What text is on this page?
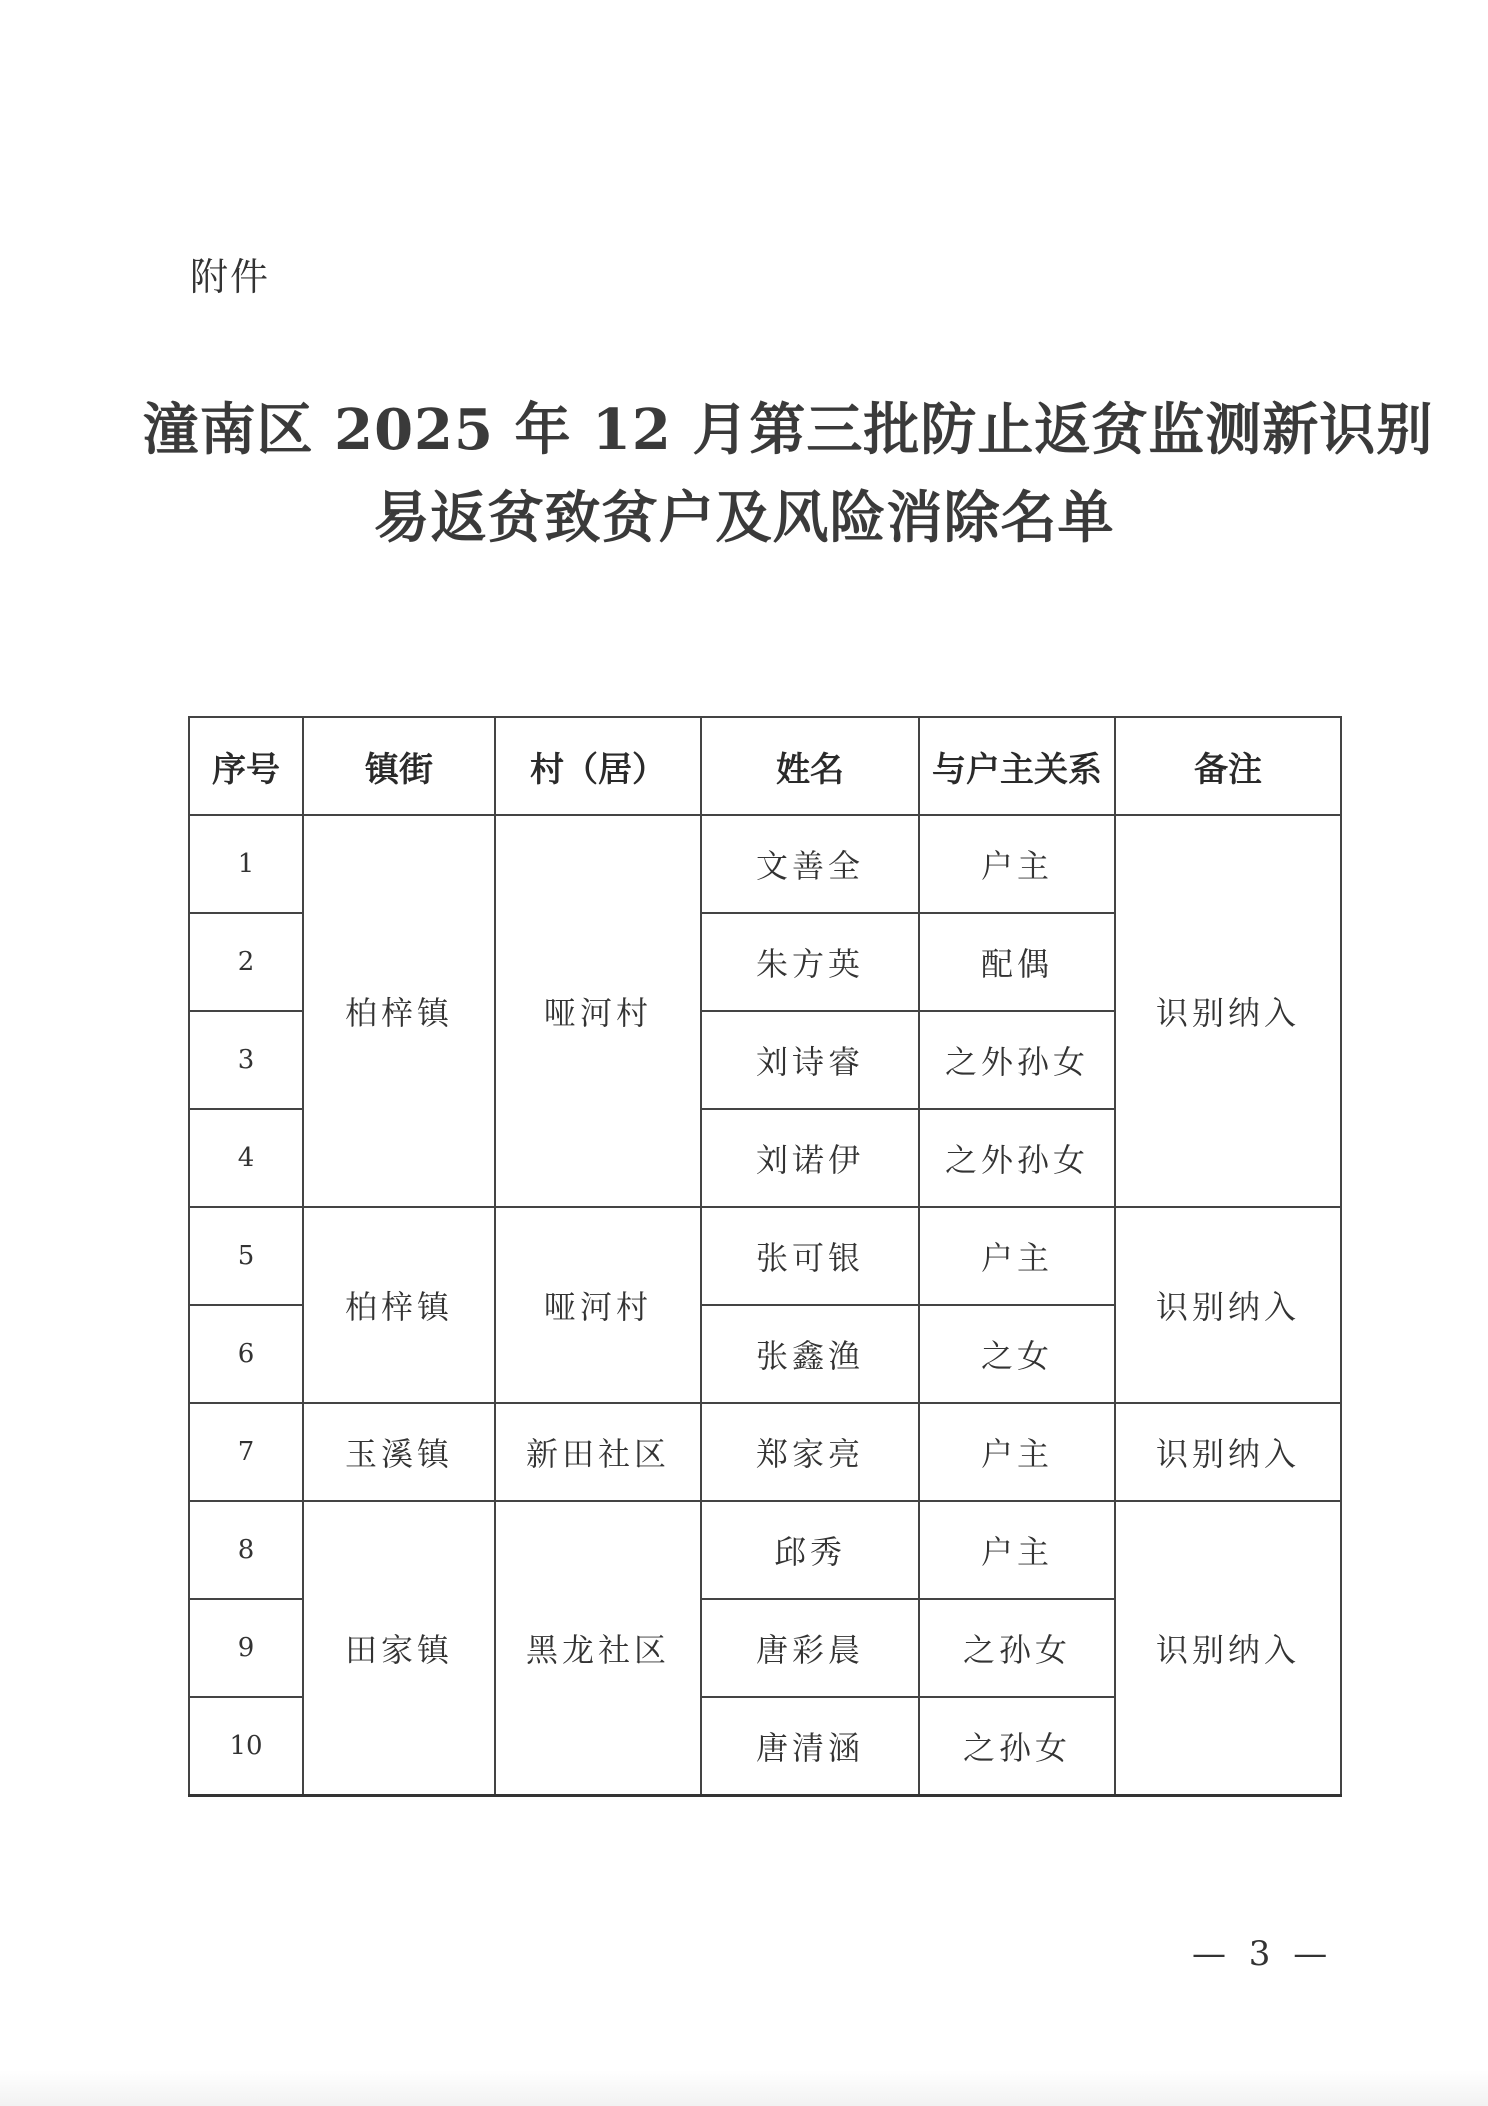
附件
潼南区 2025 年 12 月第三批防止返贫监测新识别
易返贫致贫户及风险消除名单
序号	镇街	村（居）	姓名	与户主关系	备注
1	柏梓镇	哑河村	文善全	户主	识别纳入
2			朱方英	配偶	
3			刘诗睿	之外孙女	
4			刘诺伊	之外孙女	
5	柏梓镇	哑河村	张可银	户主	识别纳入
6			张鑫渔	之女	
7	玉溪镇	新田社区	郑家亮	户主	识别纳入
8	田家镇	黑龙社区	邱秀	户主	识别纳入
9			唐彩晨	之孙女	
10			唐清涵	之孙女	
— 3 —
